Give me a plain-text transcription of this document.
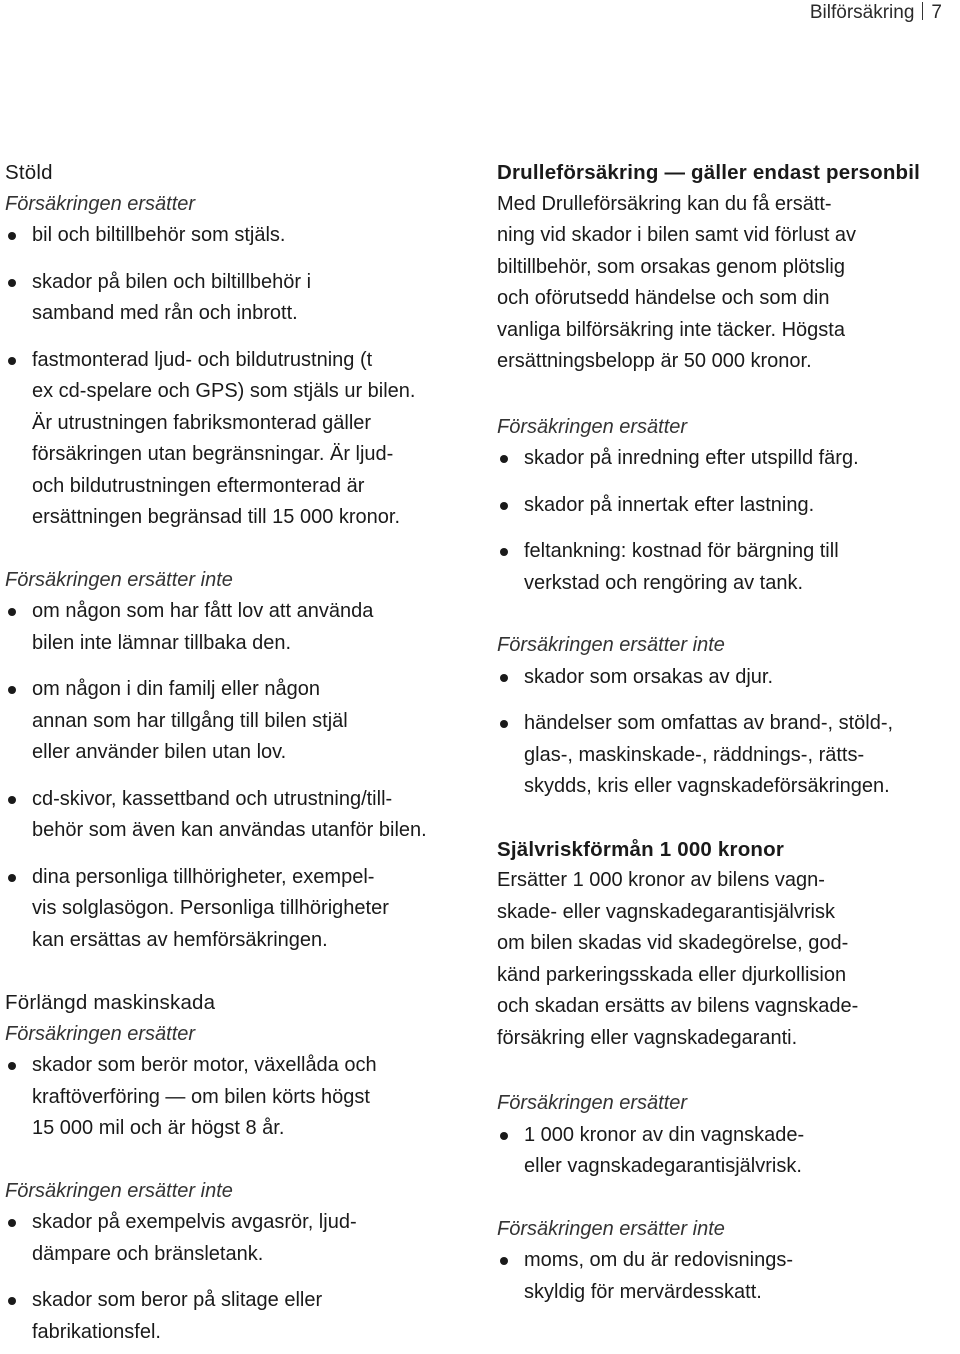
Bilförsäkring 7
Stöld
Försäkringen ersätter
bil och biltillbehör som stjäls.
skador på bilen och biltillbehör i
samband med rån och inbrott.
fastmonterad ljud- och bildutrustning (t
ex cd-spelare och GPS) som stjäls ur bilen.
Är utrustningen fabriksmonterad gäller
försäkringen utan begränsningar. Är ljud-
och bildutrustningen eftermonterad är
ersättningen begränsad till 15 000 kronor.
Försäkringen ersätter inte
om någon som har fått lov att använda
bilen inte lämnar tillbaka den.
om någon i din familj eller någon
annan som har tillgång till bilen stjäl
eller använder bilen utan lov.
cd-skivor, kassettband och utrustning/till-
behör som även kan användas utanför bilen.
dina personliga tillhörigheter, exempel-
vis solglasögon. Personliga tillhörigheter
kan ersättas av hemförsäkringen.
Förlängd maskinskada
Försäkringen ersätter
skador som berör motor, växellåda och
kraftöverföring — om bilen körts högst
15 000 mil och är högst 8 år.
Försäkringen ersätter inte
skador på exempelvis avgasrör, ljud-
dämpare och bränsletank.
skador som beror på slitage eller
fabrikationsfel.
Drulleförsäkring — gäller endast personbil
Med Drulleförsäkring kan du få ersätt-
ning vid skador i bilen samt vid förlust av
biltillbehör, som orsakas genom plötslig
och oförutsedd händelse och som din
vanliga bilförsäkring inte täcker. Högsta
ersättningsbelopp är 50 000 kronor.
Försäkringen ersätter
skador på inredning efter utspilld färg.
skador på innertak efter lastning.
feltankning: kostnad för bärgning till
verkstad och rengöring av tank.
Försäkringen ersätter inte
skador som orsakas av djur.
händelser som omfattas av brand-, stöld-,
glas-, maskinskade-, räddnings-, rätts-
skydds, kris eller vagnskadeförsäkringen.
Självriskförmån 1 000 kronor
Ersätter 1 000 kronor av bilens vagn-
skade- eller vagnskadegarantisjälvrisk
om bilen skadas vid skadegörelse, god-
känd parkeringsskada eller djurkollision
och skadan ersätts av bilens vagnskade-
försäkring eller vagnskadegaranti.
Försäkringen ersätter
1 000 kronor av din vagnskade-
eller vagnskadegarantisjälvrisk.
Försäkringen ersätter inte
moms, om du är redovisnings-
skyldig för mervärdesskatt.
